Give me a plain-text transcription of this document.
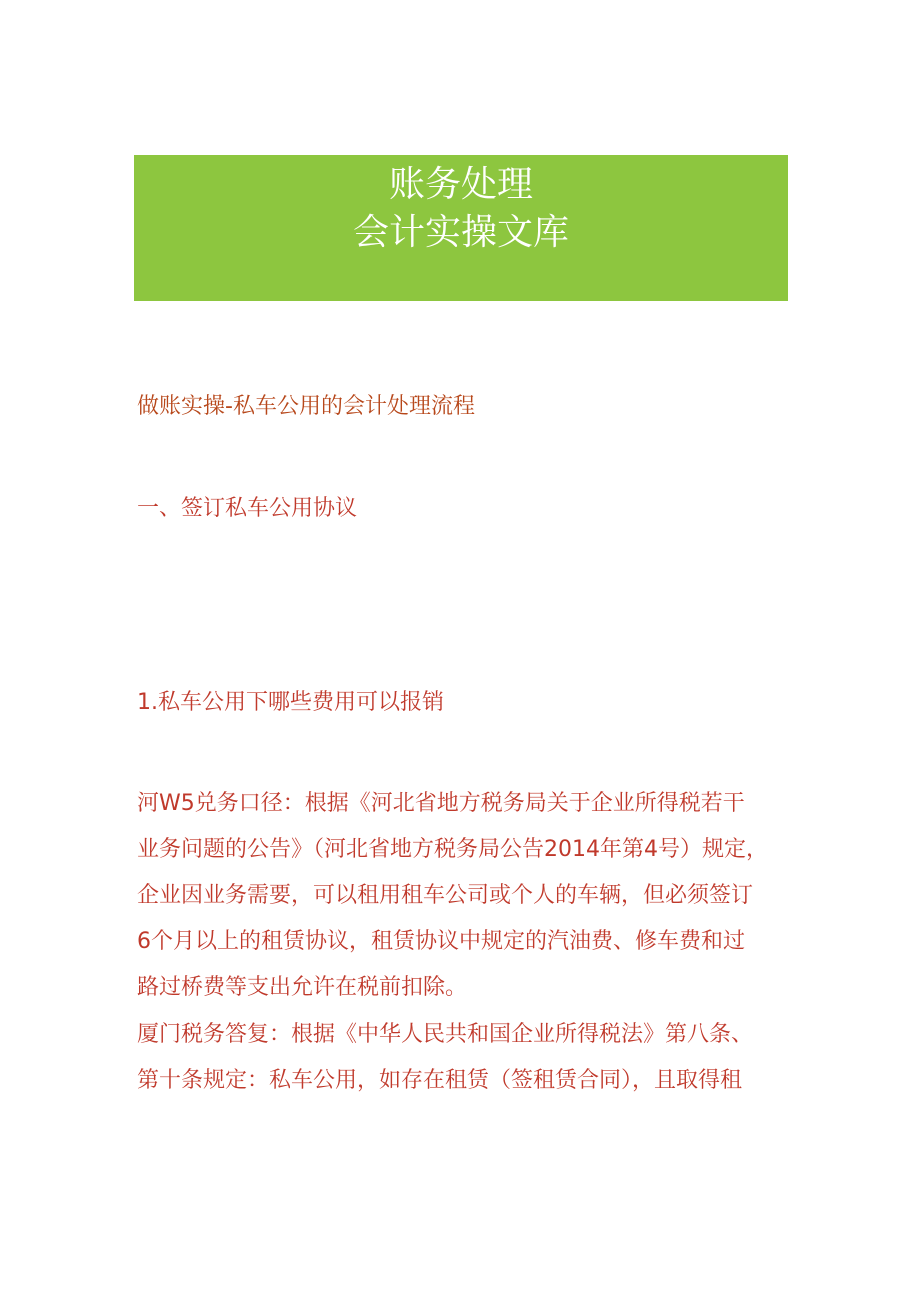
账务处理
会计实操文库
做账实操-私车公用的会计处理流程
一、签订私车公用协议
1.私车公用下哪些费用可以报销

河W5兑务口径：根据《河北省地方税务局关于企业所得税若干
业务问题的公告》（河北省地方税务局公告2014年第4号）规定，
企业因业务需要，可以租用租车公司或个人的车辆，但必须签订
6个月以上的租赁协议，租赁协议中规定的汽油费、修车费和过
路过桥费等支出允许在税前扣除。

厦门税务答复：根据《中华人民共和国企业所得税法》第八条、
第十条规定：私车公用，如存在租赁（签租赁合同），且取得租
